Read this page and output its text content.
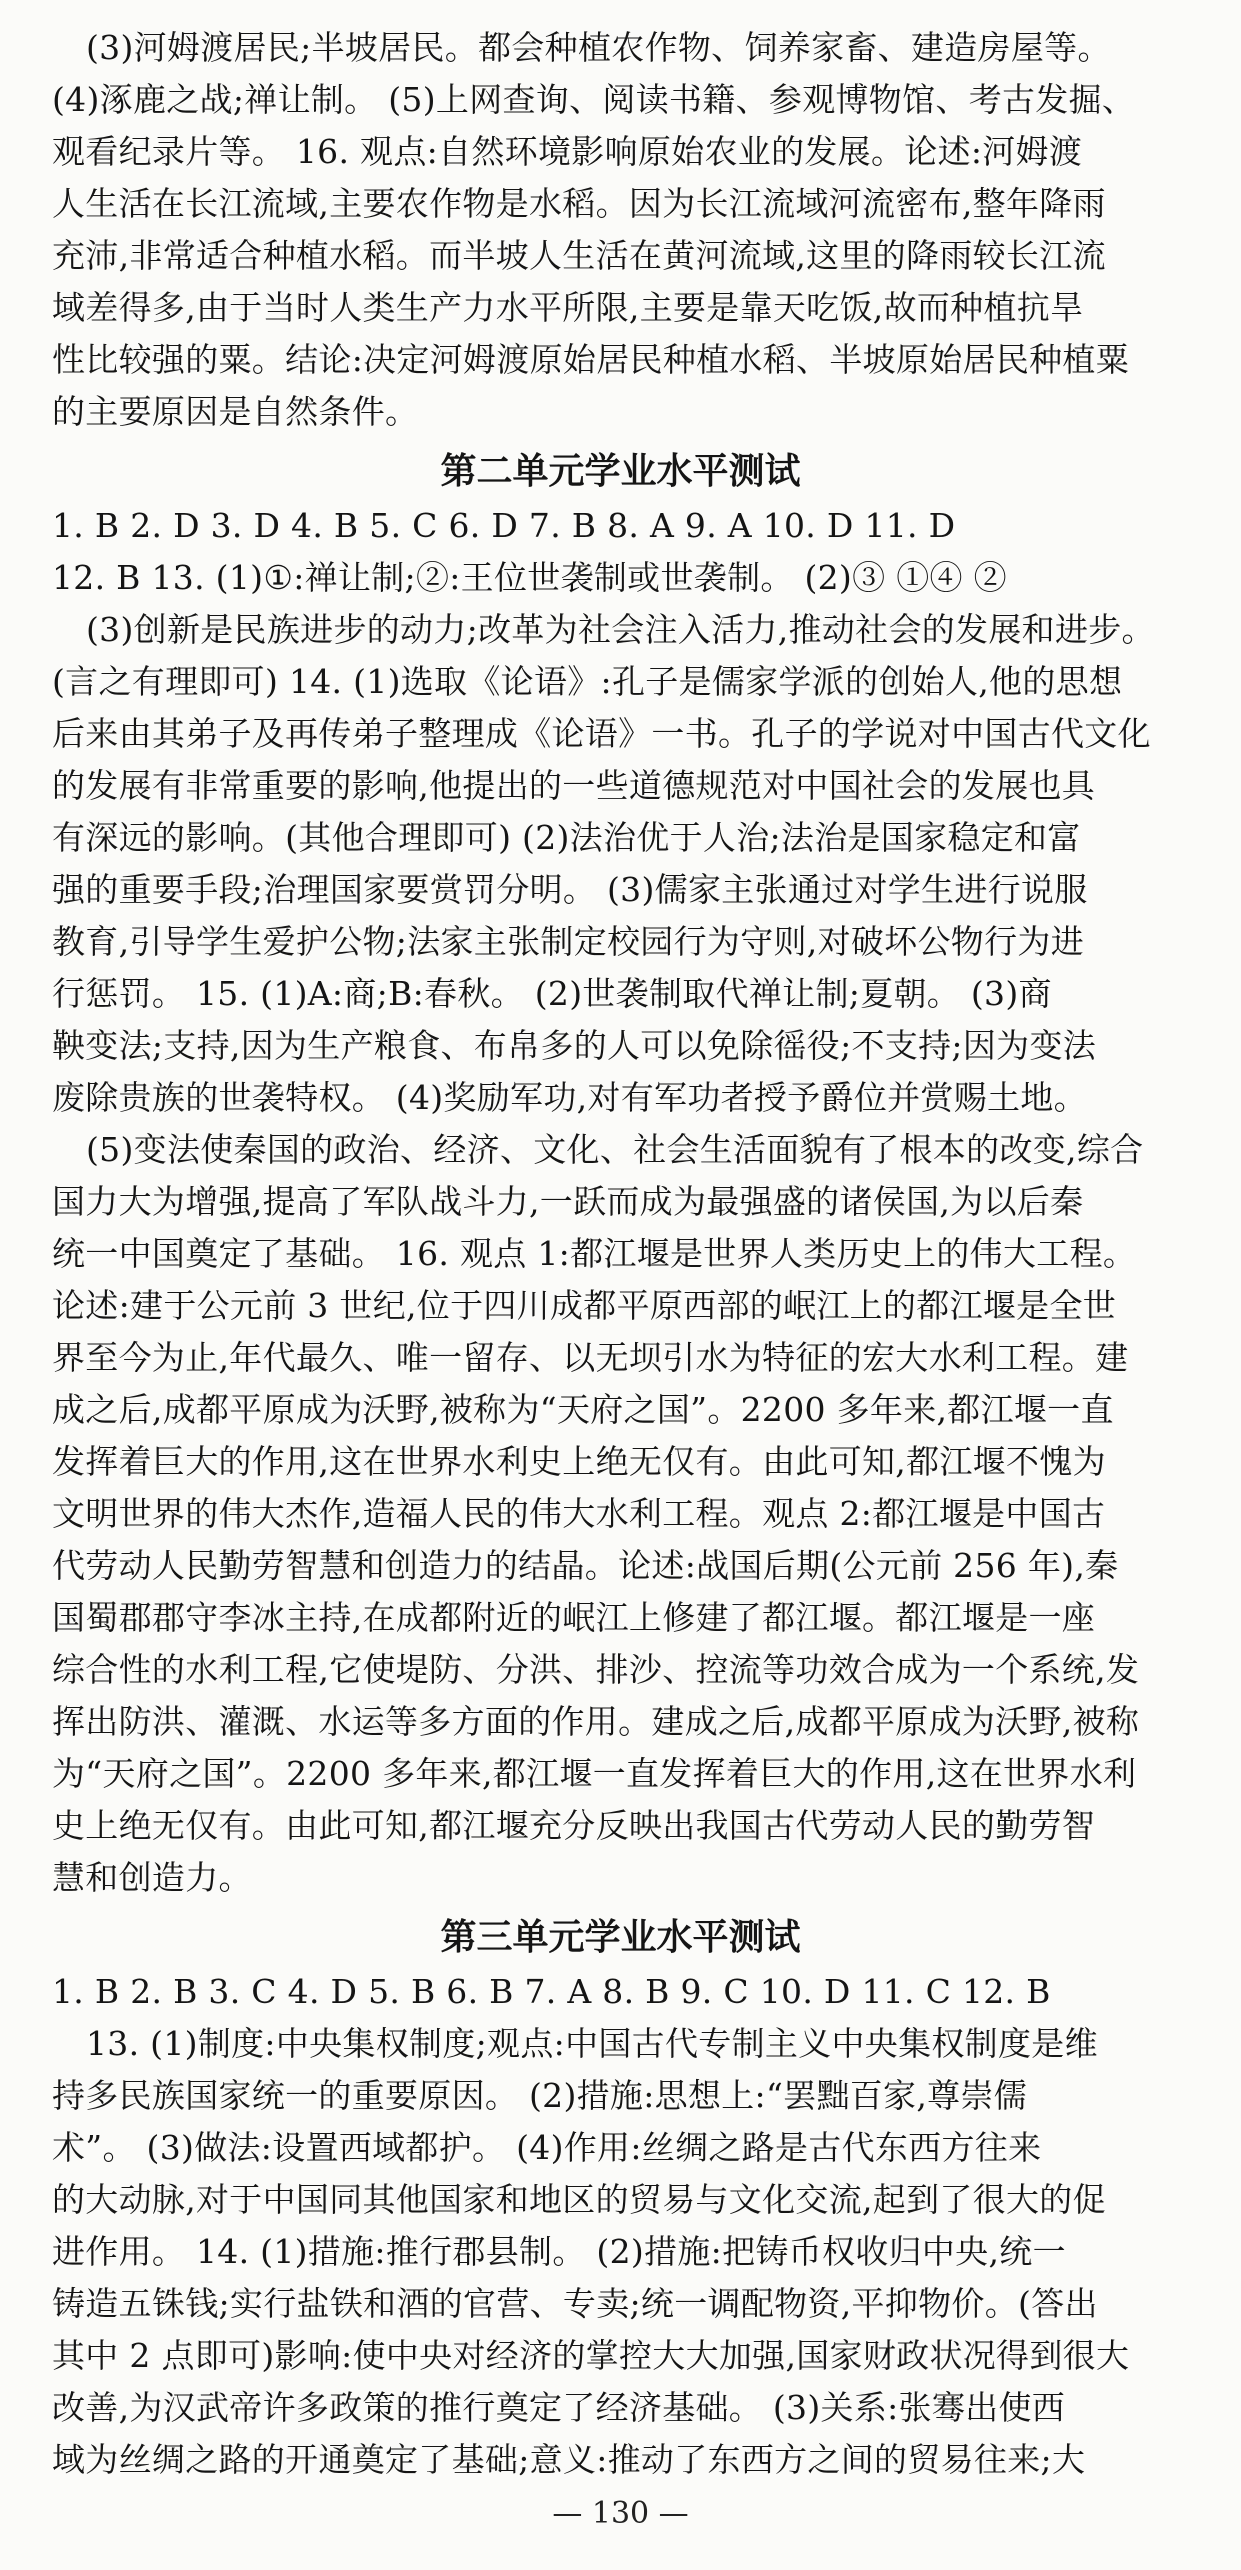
(3)河姆渡居民;半坡居民。都会种植农作物、饲养家畜、建造房屋等。
(4)涿鹿之战;禅让制。 (5)上网查询、阅读书籍、参观博物馆、考古发掘、
观看纪录片等。 16. 观点:自然环境影响原始农业的发展。论述:河姆渡
人生活在长江流域,主要农作物是水稻。因为长江流域河流密布,整年降雨
充沛,非常适合种植水稻。而半坡人生活在黄河流域,这里的降雨较长江流
域差得多,由于当时人类生产力水平所限,主要是靠天吃饭,故而种植抗旱
性比较强的粟。结论:决定河姆渡原始居民种植水稻、半坡原始居民种植粟
的主要原因是自然条件。
第二单元学业水平测试
1. B 2. D 3. D 4. B 5. C 6. D 7. B 8. A 9. A 10. D 11. D
12. B 13. (1)①:禅让制;②:王位世袭制或世袭制。 (2)③ ①④ ②
(3)创新是民族进步的动力;改革为社会注入活力,推动社会的发展和进步。
(言之有理即可) 14. (1)选取《论语》:孔子是儒家学派的创始人,他的思想
后来由其弟子及再传弟子整理成《论语》一书。孔子的学说对中国古代文化
的发展有非常重要的影响,他提出的一些道德规范对中国社会的发展也具
有深远的影响。(其他合理即可) (2)法治优于人治;法治是国家稳定和富
强的重要手段;治理国家要赏罚分明。 (3)儒家主张通过对学生进行说服
教育,引导学生爱护公物;法家主张制定校园行为守则,对破坏公物行为进
行惩罚。 15. (1)A:商;B:春秋。 (2)世袭制取代禅让制;夏朝。 (3)商
鞅变法;支持,因为生产粮食、布帛多的人可以免除徭役;不支持;因为变法
废除贵族的世袭特权。 (4)奖励军功,对有军功者授予爵位并赏赐土地。
(5)变法使秦国的政治、经济、文化、社会生活面貌有了根本的改变,综合
国力大为增强,提高了军队战斗力,一跃而成为最强盛的诸侯国,为以后秦
统一中国奠定了基础。 16. 观点 1:都江堰是世界人类历史上的伟大工程。
论述:建于公元前 3 世纪,位于四川成都平原西部的岷江上的都江堰是全世
界至今为止,年代最久、唯一留存、以无坝引水为特征的宏大水利工程。建
成之后,成都平原成为沃野,被称为“天府之国”。2200 多年来,都江堰一直
发挥着巨大的作用,这在世界水利史上绝无仅有。由此可知,都江堰不愧为
文明世界的伟大杰作,造福人民的伟大水利工程。观点 2:都江堰是中国古
代劳动人民勤劳智慧和创造力的结晶。论述:战国后期(公元前 256 年),秦
国蜀郡郡守李冰主持,在成都附近的岷江上修建了都江堰。都江堰是一座
综合性的水利工程,它使堤防、分洪、排沙、控流等功效合成为一个系统,发
挥出防洪、灌溉、水运等多方面的作用。建成之后,成都平原成为沃野,被称
为“天府之国”。2200 多年来,都江堰一直发挥着巨大的作用,这在世界水利
史上绝无仅有。由此可知,都江堰充分反映出我国古代劳动人民的勤劳智
慧和创造力。
第三单元学业水平测试
1. B 2. B 3. C 4. D 5. B 6. B 7. A 8. B 9. C 10. D 11. C 12. B
13. (1)制度:中央集权制度;观点:中国古代专制主义中央集权制度是维
持多民族国家统一的重要原因。 (2)措施:思想上:“罢黜百家,尊崇儒
术”。 (3)做法:设置西域都护。 (4)作用:丝绸之路是古代东西方往来
的大动脉,对于中国同其他国家和地区的贸易与文化交流,起到了很大的促
进作用。 14. (1)措施:推行郡县制。 (2)措施:把铸币权收归中央,统一
铸造五铢钱;实行盐铁和酒的官营、专卖;统一调配物资,平抑物价。(答出
其中 2 点即可)影响:使中央对经济的掌控大大加强,国家财政状况得到很大
改善,为汉武帝许多政策的推行奠定了经济基础。 (3)关系:张骞出使西
域为丝绸之路的开通奠定了基础;意义:推动了东西方之间的贸易往来;大
— 130 —
